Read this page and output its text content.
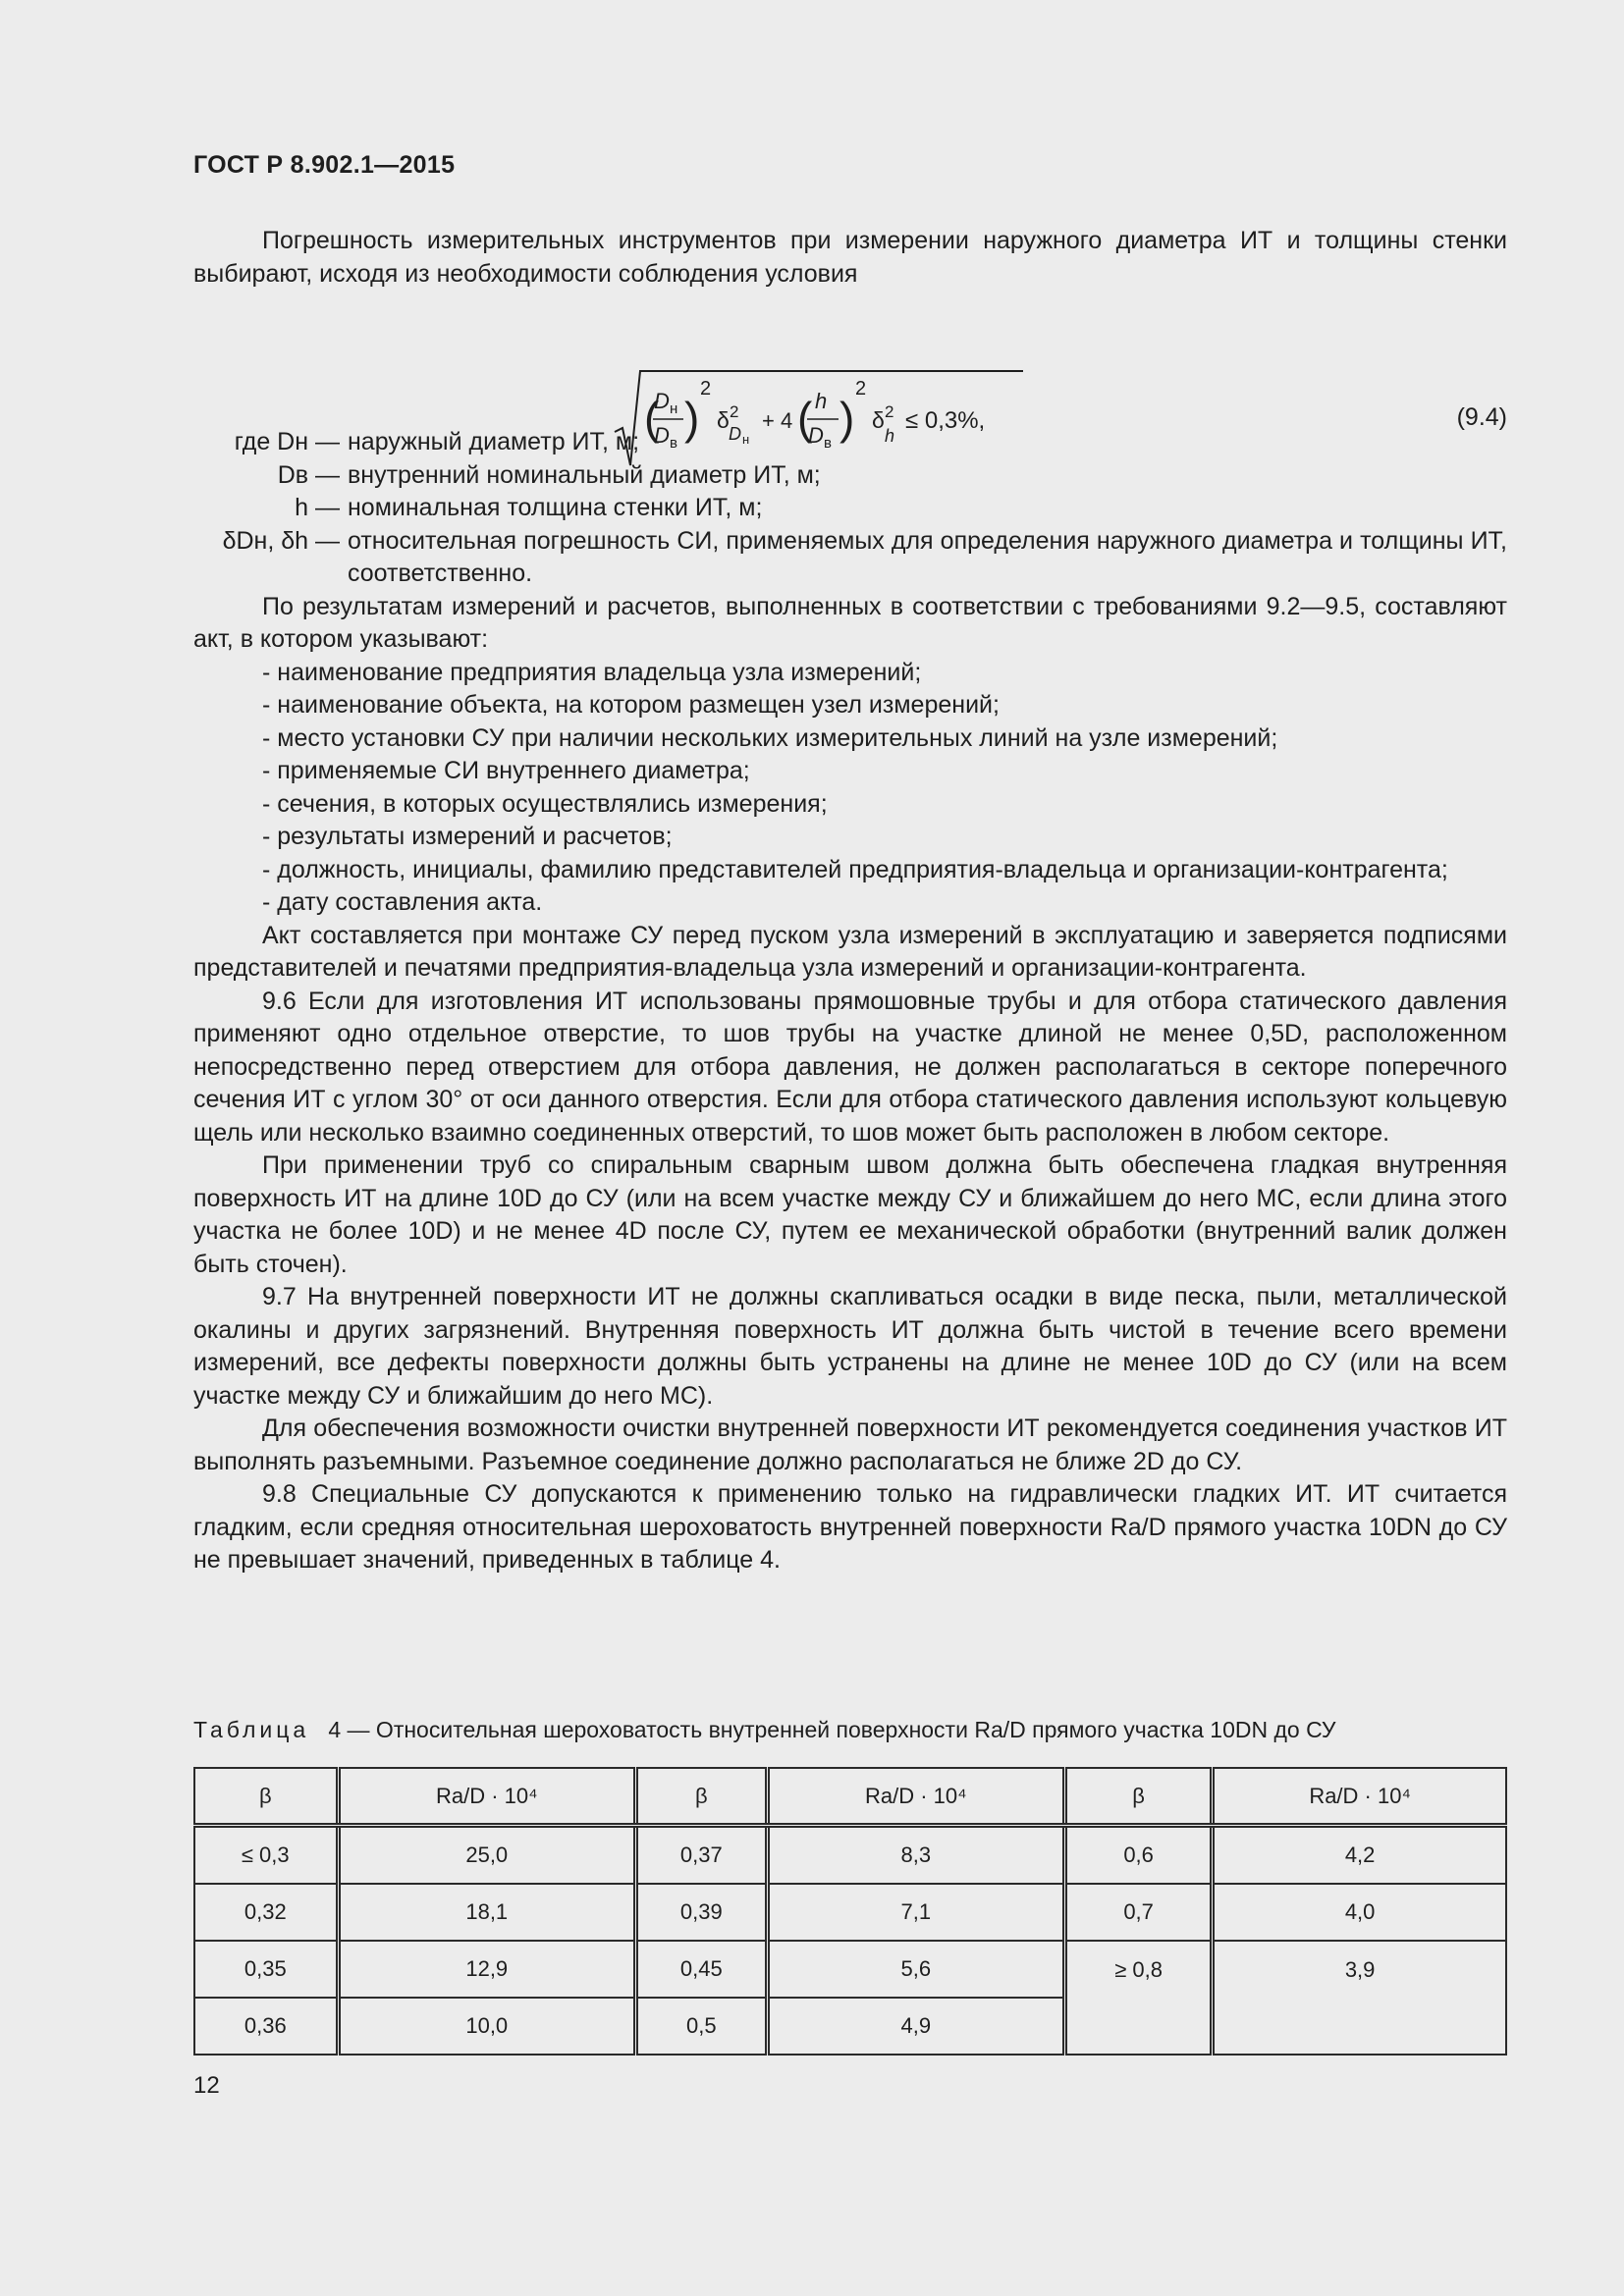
ГОСТ Р 8.902.1—2015

Погрешность измерительных инструментов при измерении наружного диаметра ИТ и толщины стенки выбирают, исходя из необходимости соблюдения условия

(
D н
D в )
2
δ 2
D н
+ 4 ( h
D в )
2
δ 2
h
≤ 0,3%,	(9.4)
где Dн — наружный диаметр ИТ, м;
Dв — внутренний номинальный диаметр ИТ, м;
h — номинальная толщина стенки ИТ, м;
δDн, δh — относительная погрешность СИ, применяемых для определения наружного диаметра и толщины ИТ, соответственно.

По результатам измерений и расчетов, выполненных в соответствии с требованиями 9.2—9.5, составляют акт, в котором указывают:

- наименование предприятия владельца узла измерений;

- наименование объекта, на котором размещен узел измерений;

- место установки СУ при наличии нескольких измерительных линий на узле измерений;

- применяемые СИ внутреннего диаметра;

- сечения, в которых осуществлялись измерения;

- результаты измерений и расчетов;

- должность, инициалы, фамилию представителей предприятия-владельца и организации-контрагента;

- дату составления акта.

Акт составляется при монтаже СУ перед пуском узла измерений в эксплуатацию и заверяется подписями представителей и печатями предприятия-владельца узла измерений и организации-контрагента.

9.6 Если для изготовления ИТ использованы прямошовные трубы и для отбора статического давления применяют одно отдельное отверстие, то шов трубы на участке длиной не менее 0,5D, расположенном непосредственно перед отверстием для отбора давления, не должен располагаться в секторе поперечного сечения ИТ с углом 30° от оси данного отверстия. Если для отбора статического давления используют кольцевую щель или несколько взаимно соединенных отверстий, то шов может быть расположен в любом секторе.

При применении труб со спиральным сварным швом должна быть обеспечена гладкая внутренняя поверхность ИТ на длине 10D до СУ (или на всем участке между СУ и ближайшем до него МС, если длина этого участка не более 10D) и не менее 4D после СУ, путем ее механической обработки (внутренний валик должен быть сточен).

9.7 На внутренней поверхности ИТ не должны скапливаться осадки в виде песка, пыли, металлической окалины и других загрязнений. Внутренняя поверхность ИТ должна быть чистой в течение всего времени измерений, все дефекты поверхности должны быть устранены на длине не менее 10D до СУ (или на всем участке между СУ и ближайшим до него МС).

Для обеспечения возможности очистки внутренней поверхности ИТ рекомендуется соединения участков ИТ выполнять разъемными. Разъемное соединение должно располагаться не ближе 2D до СУ.

9.8 Специальные СУ допускаются к применению только на гидравлически гладких ИТ. ИТ считается гладким, если средняя относительная шероховатость внутренней поверхности Ra/D прямого участка 10DN до СУ не превышает значений, приведенных в таблице 4.

Таблица 4 — Относительная шероховатость внутренней поверхности Ra/D прямого участка 10DN до СУ
β	Ra/D · 10⁴	β	Ra/D · 10⁴	β	Ra/D · 10⁴
≤ 0,3	25,0	0,37	8,3	0,6	4,2
0,32	18,1	0,39	7,1	0,7	4,0
0,35	12,9	0,45	5,6	≥ 0,8	3,9
0,36	10,0	0,5	4,9		
12
